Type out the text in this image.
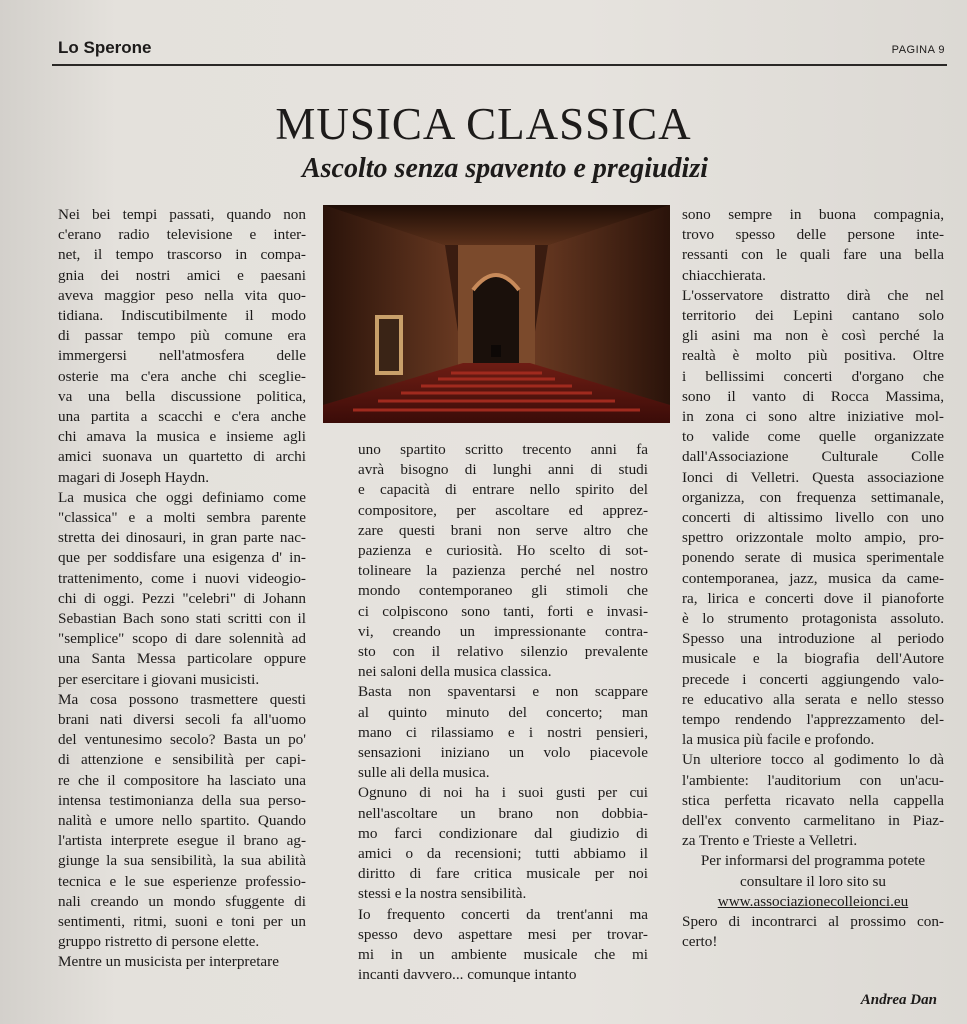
Lo Sperone	PAGINA 9
MUSICA CLASSICA
Ascolto senza spavento e pregiudizi
Nei bei tempi passati, quando non
c'erano radio televisione e inter-
net, il tempo trascorso in compa-
gnia dei nostri amici e paesani
aveva maggior peso nella vita quo-
tidiana. Indiscutibilmente il modo
di passar tempo più comune era
immergersi nell'atmosfera delle
osterie ma c'era anche chi sceglie-
va una bella discussione politica,
una partita a scacchi e c'era anche
chi amava la musica e insieme agli
amici suonava un quartetto di archi
magari di Joseph Haydn.
La musica che oggi definiamo come
"classica" e a molti sembra parente
stretta dei dinosauri, in gran parte nac-
que per soddisfare una esigenza d' in-
trattenimento, come i nuovi videogio-
chi di oggi. Pezzi "celebri" di Johann
Sebastian Bach sono stati scritti con il
"semplice" scopo di dare solennità ad
una Santa Messa particolare oppure
per esercitare i giovani musicisti.
Ma cosa possono trasmettere questi
brani nati diversi secoli fa all'uomo
del ventunesimo secolo? Basta un po'
di attenzione e sensibilità per capi-
re che il compositore ha lasciato una
intensa testimonianza della sua perso-
nalità e umore nello spartito. Quando
l'artista interprete esegue il brano ag-
giunge la sua sensibilità, la sua abilità
tecnica e le sue esperienze professio-
nali creando un mondo sfuggente di
sentimenti, ritmi, suoni e toni per un
gruppo ristretto di persone elette.
Mentre un musicista per interpretare
uno spartito scritto trecento anni fa
avrà bisogno di lunghi anni di studi
e capacità di entrare nello spirito del
compositore, per ascoltare ed apprez-
zare questi brani non serve altro che
pazienza e curiosità. Ho scelto di sot-
tolineare la pazienza perché nel nostro
mondo contemporaneo gli stimoli che
ci colpiscono sono tanti, forti e invasi-
vi, creando un impressionante contra-
sto con il relativo silenzio prevalente
nei saloni della musica classica.
Basta non spaventarsi e non scappare
al quinto minuto del concerto; man
mano ci rilassiamo e i nostri pensieri,
sensazioni iniziano un volo piacevole
sulle ali della musica.
Ognuno di noi ha i suoi gusti per cui
nell'ascoltare un brano non dobbia-
mo farci condizionare dal giudizio di
amici o da recensioni; tutti abbiamo il
diritto di fare critica musicale per noi
stessi e la nostra sensibilità.
Io frequento concerti da trent'anni ma
spesso devo aspettare mesi per trovar-
mi in un ambiente musicale che mi
incanti davvero... comunque intanto
sono sempre in buona compagnia,
trovo spesso delle persone inte-
ressanti con le quali fare una bella
chiacchierata.
L'osservatore distratto dirà che nel
territorio dei Lepini cantano solo
gli asini ma non è così perché la
realtà è molto più positiva. Oltre
i bellissimi concerti d'organo che
sono il vanto di Rocca Massima,
in zona ci sono altre iniziative mol-
to valide come quelle organizzate
dall'Associazione Culturale Colle
Ionci di Velletri. Questa associazione
organizza, con frequenza settimanale,
concerti di altissimo livello con uno
spettro orizzontale molto ampio, pro-
ponendo serate di musica sperimentale
contemporanea, jazz, musica da came-
ra, lirica e concerti dove il pianoforte
è lo strumento protagonista assoluto.
Spesso una introduzione al periodo
musicale e la biografia dell'Autore
precede i concerti aggiungendo valo-
re educativo alla serata e nello stesso
tempo rendendo l'apprezzamento del-
la musica più facile e profondo.
Un ulteriore tocco al godimento lo dà
l'ambiente: l'auditorium con un'acu-
stica perfetta ricavato nella cappella
dell'ex convento carmelitano in Piaz-
za Trento e Trieste a Velletri.
Per informarsi del programma potete
consultare il loro sito su
www.associazionecolleionci.eu
Spero di incontrarci al prossimo con-
certo!
Andrea Dan
